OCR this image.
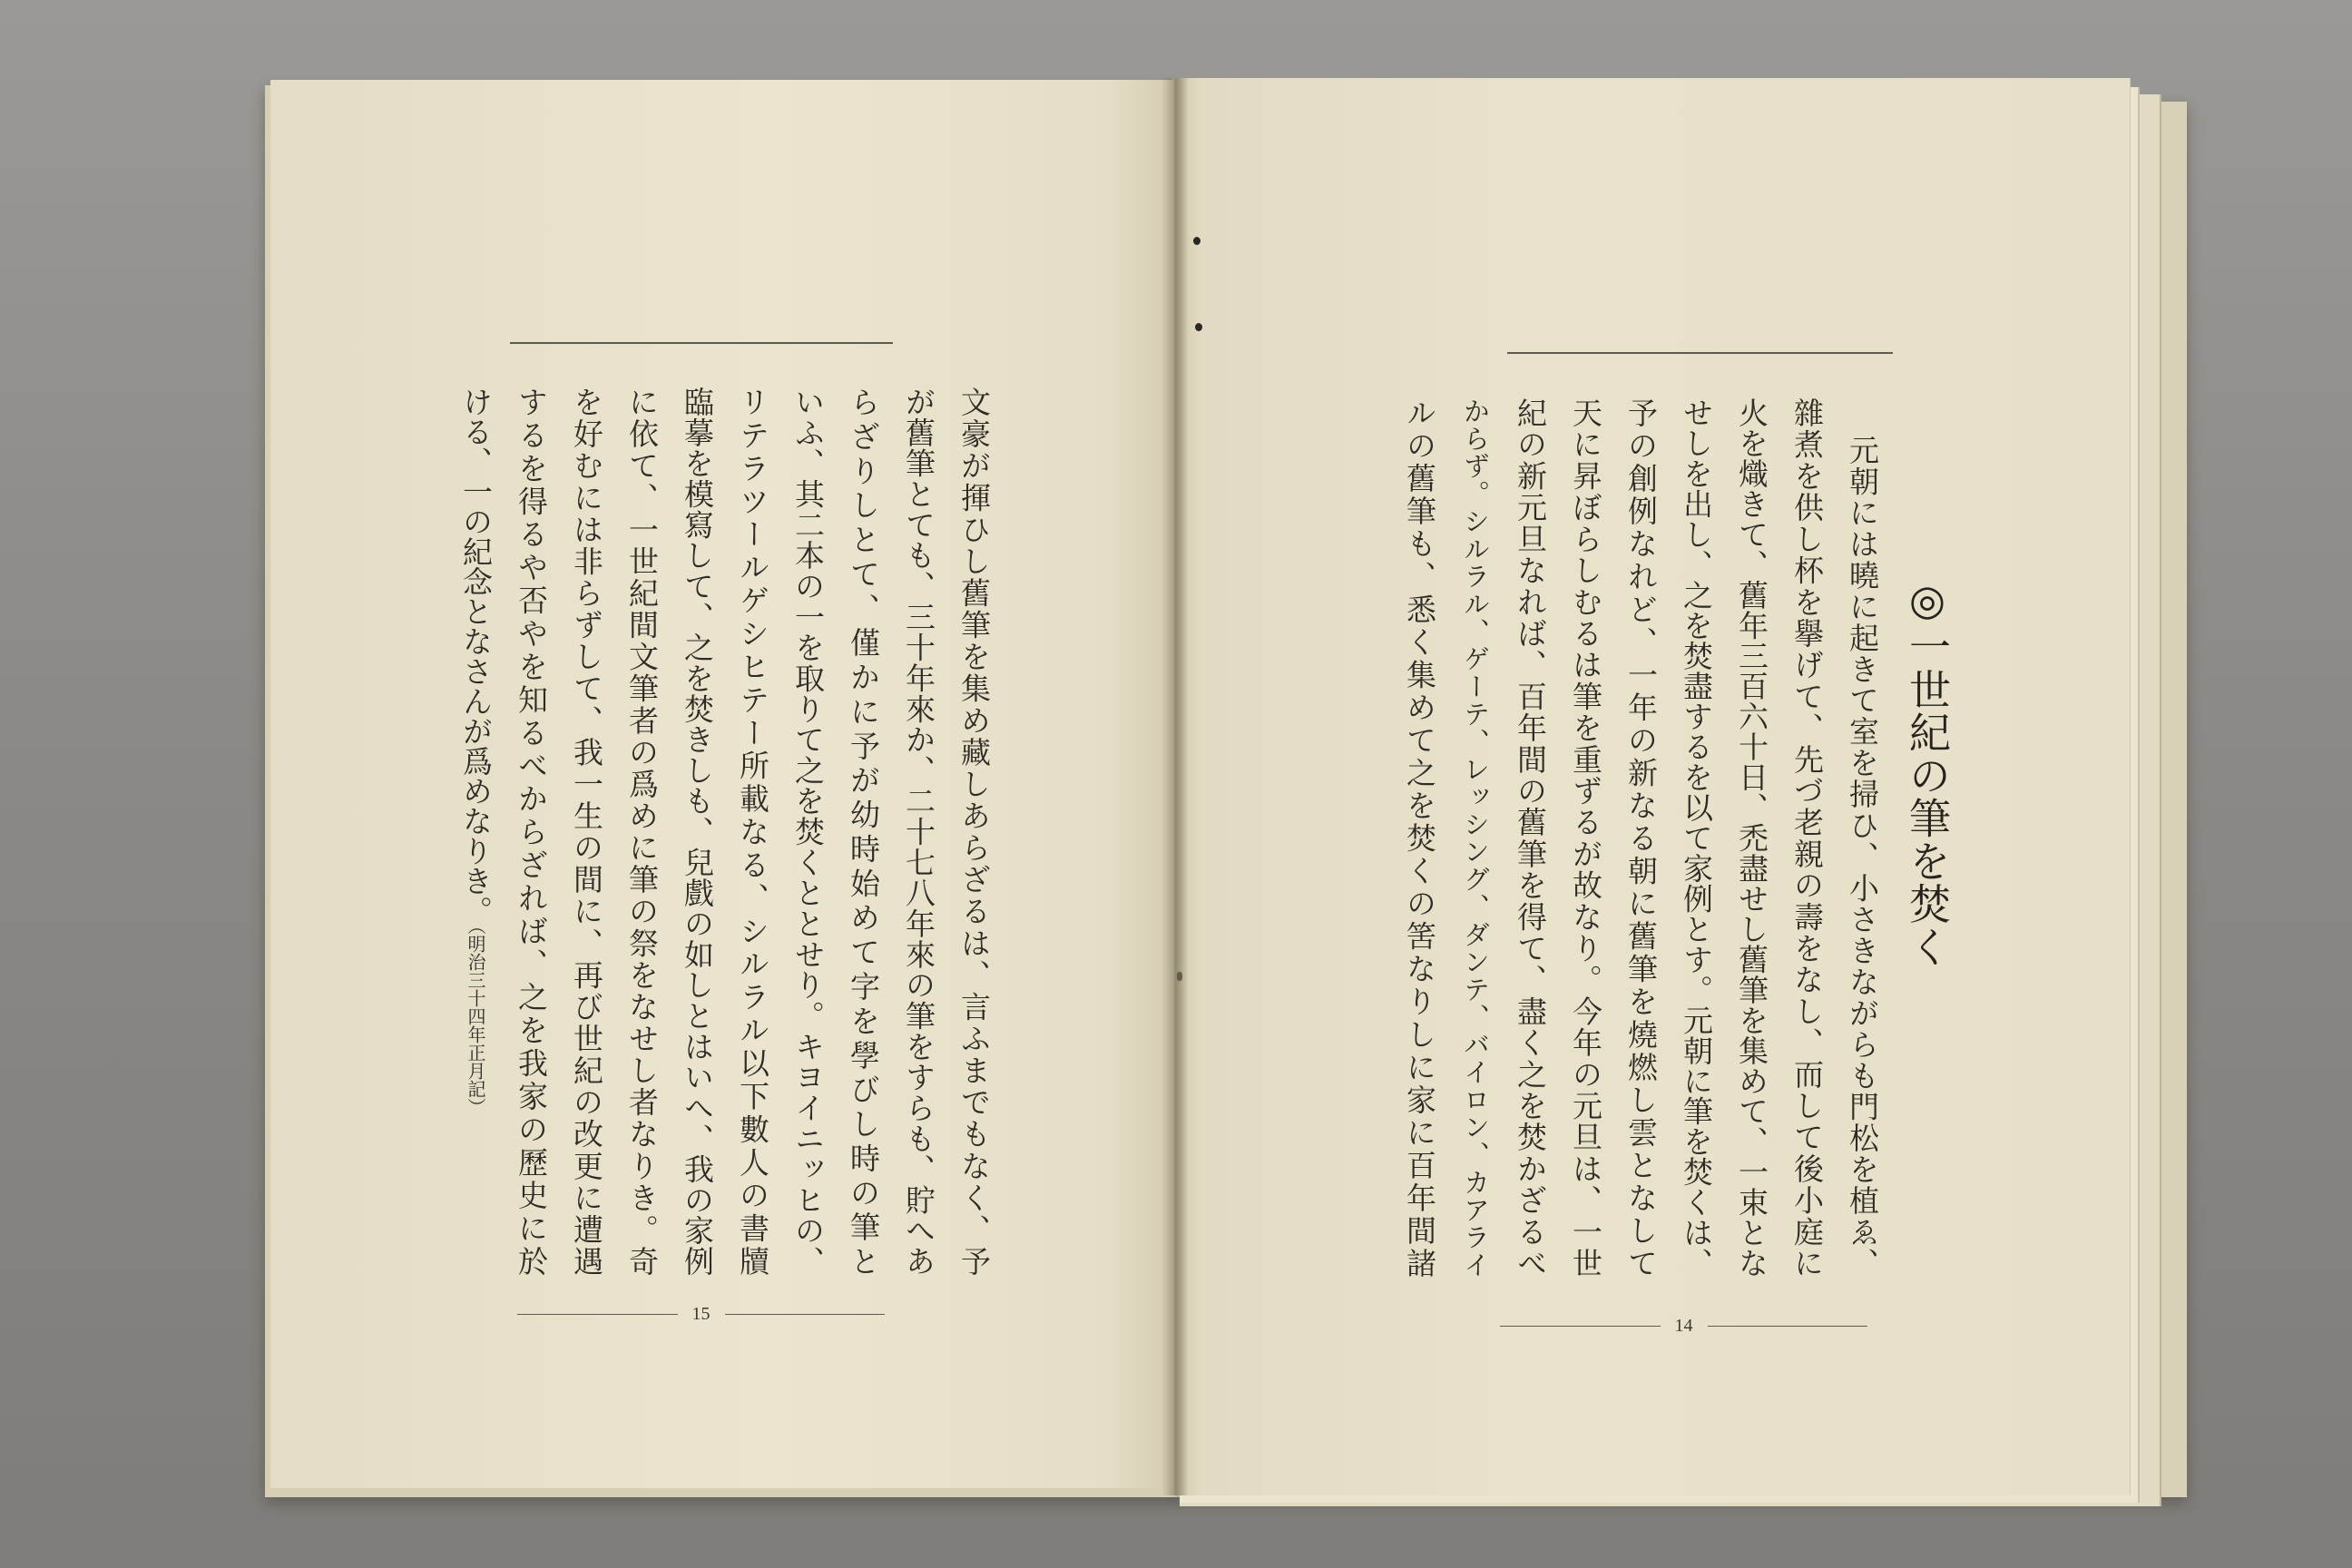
文豪が揮ひし舊筆を集め藏しあらざるは、言ふまでもなく、予
が舊筆とても、三十年來か、二十七八年來の筆をすらも、貯へあ
らざりしとて、僅かに予が幼時始めて字を學びし時の筆と
いふ、其二本の一を取りて之を焚くととせり。キヨイニッヒの、
リテラツールゲシヒテー所載なる、シルラル以下數人の書牘
臨摹を模寫して、之を焚きしも、兒戲の如しとはいへ、我の家例
に依て、一世紀間文筆者の爲めに筆の祭をなせし者なりき。奇
を好むには非らずして、我一生の間に、再び世紀の改更に遭遇
するを得るや否やを知るべからざれば、之を我家の歷史に於
ける、一の紀念となさんが爲めなりき。（明治三十四年正月記）
15
◎一世紀の筆を焚く
元朝には曉に起きて室を掃ひ、小さきながらも門松を植ゑ、
雜煮を供し杯を擧げて、先づ老親の壽をなし、而して後小庭に
火を熾きて、舊年三百六十日、禿盡せし舊筆を集めて、一束とな
せしを出し、之を焚盡するを以て家例とす。元朝に筆を焚くは、
予の創例なれど、一年の新なる朝に舊筆を燒燃し雲となして
天に昇ぼらしむるは筆を重ずるが故なり。今年の元旦は、一世
紀の新元旦なれば、百年間の舊筆を得て、盡く之を焚かざるべ
からず。シルラル、ゲーテ、レッシング、ダンテ、バイロン、カアライ
ルの舊筆も、悉く集めて之を焚くの筈なりしに家に百年間諸
14
